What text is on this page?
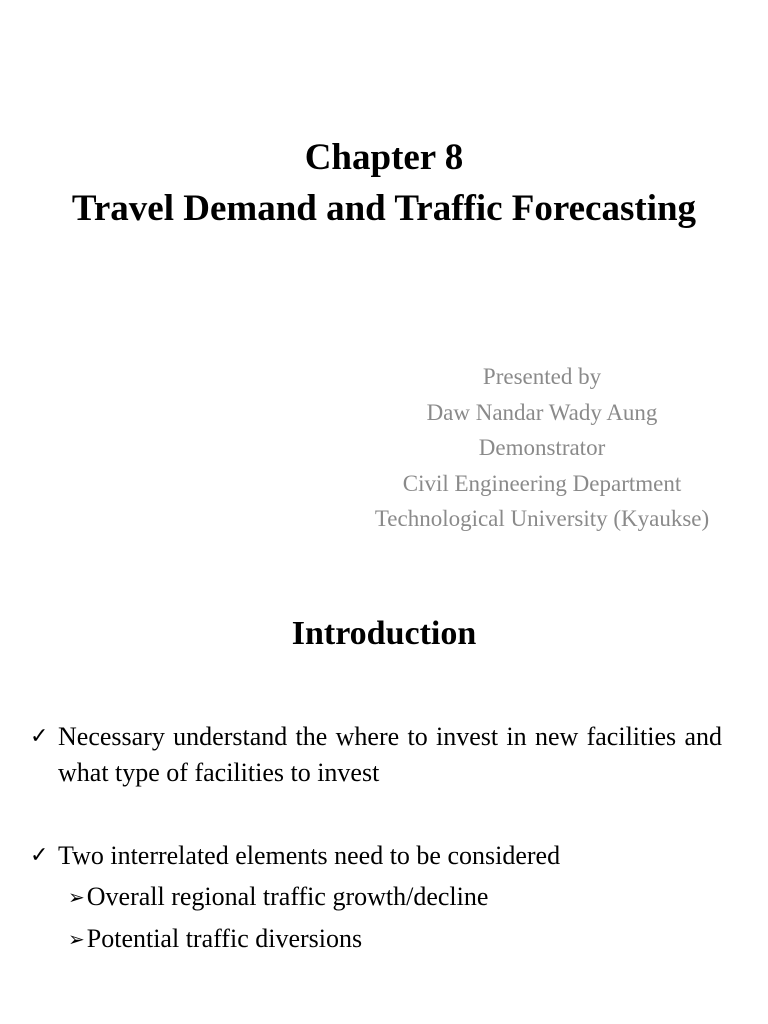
Chapter 8
Travel Demand and Traffic Forecasting
Presented by
Daw Nandar Wady Aung
Demonstrator
Civil Engineering Department
Technological University (Kyaukse)
Introduction
✓ Necessary understand the where to invest in new facilities and what type of facilities to invest
✓ Two interrelated elements need to be considered
➢ Overall regional traffic growth/decline
➢ Potential traffic diversions
